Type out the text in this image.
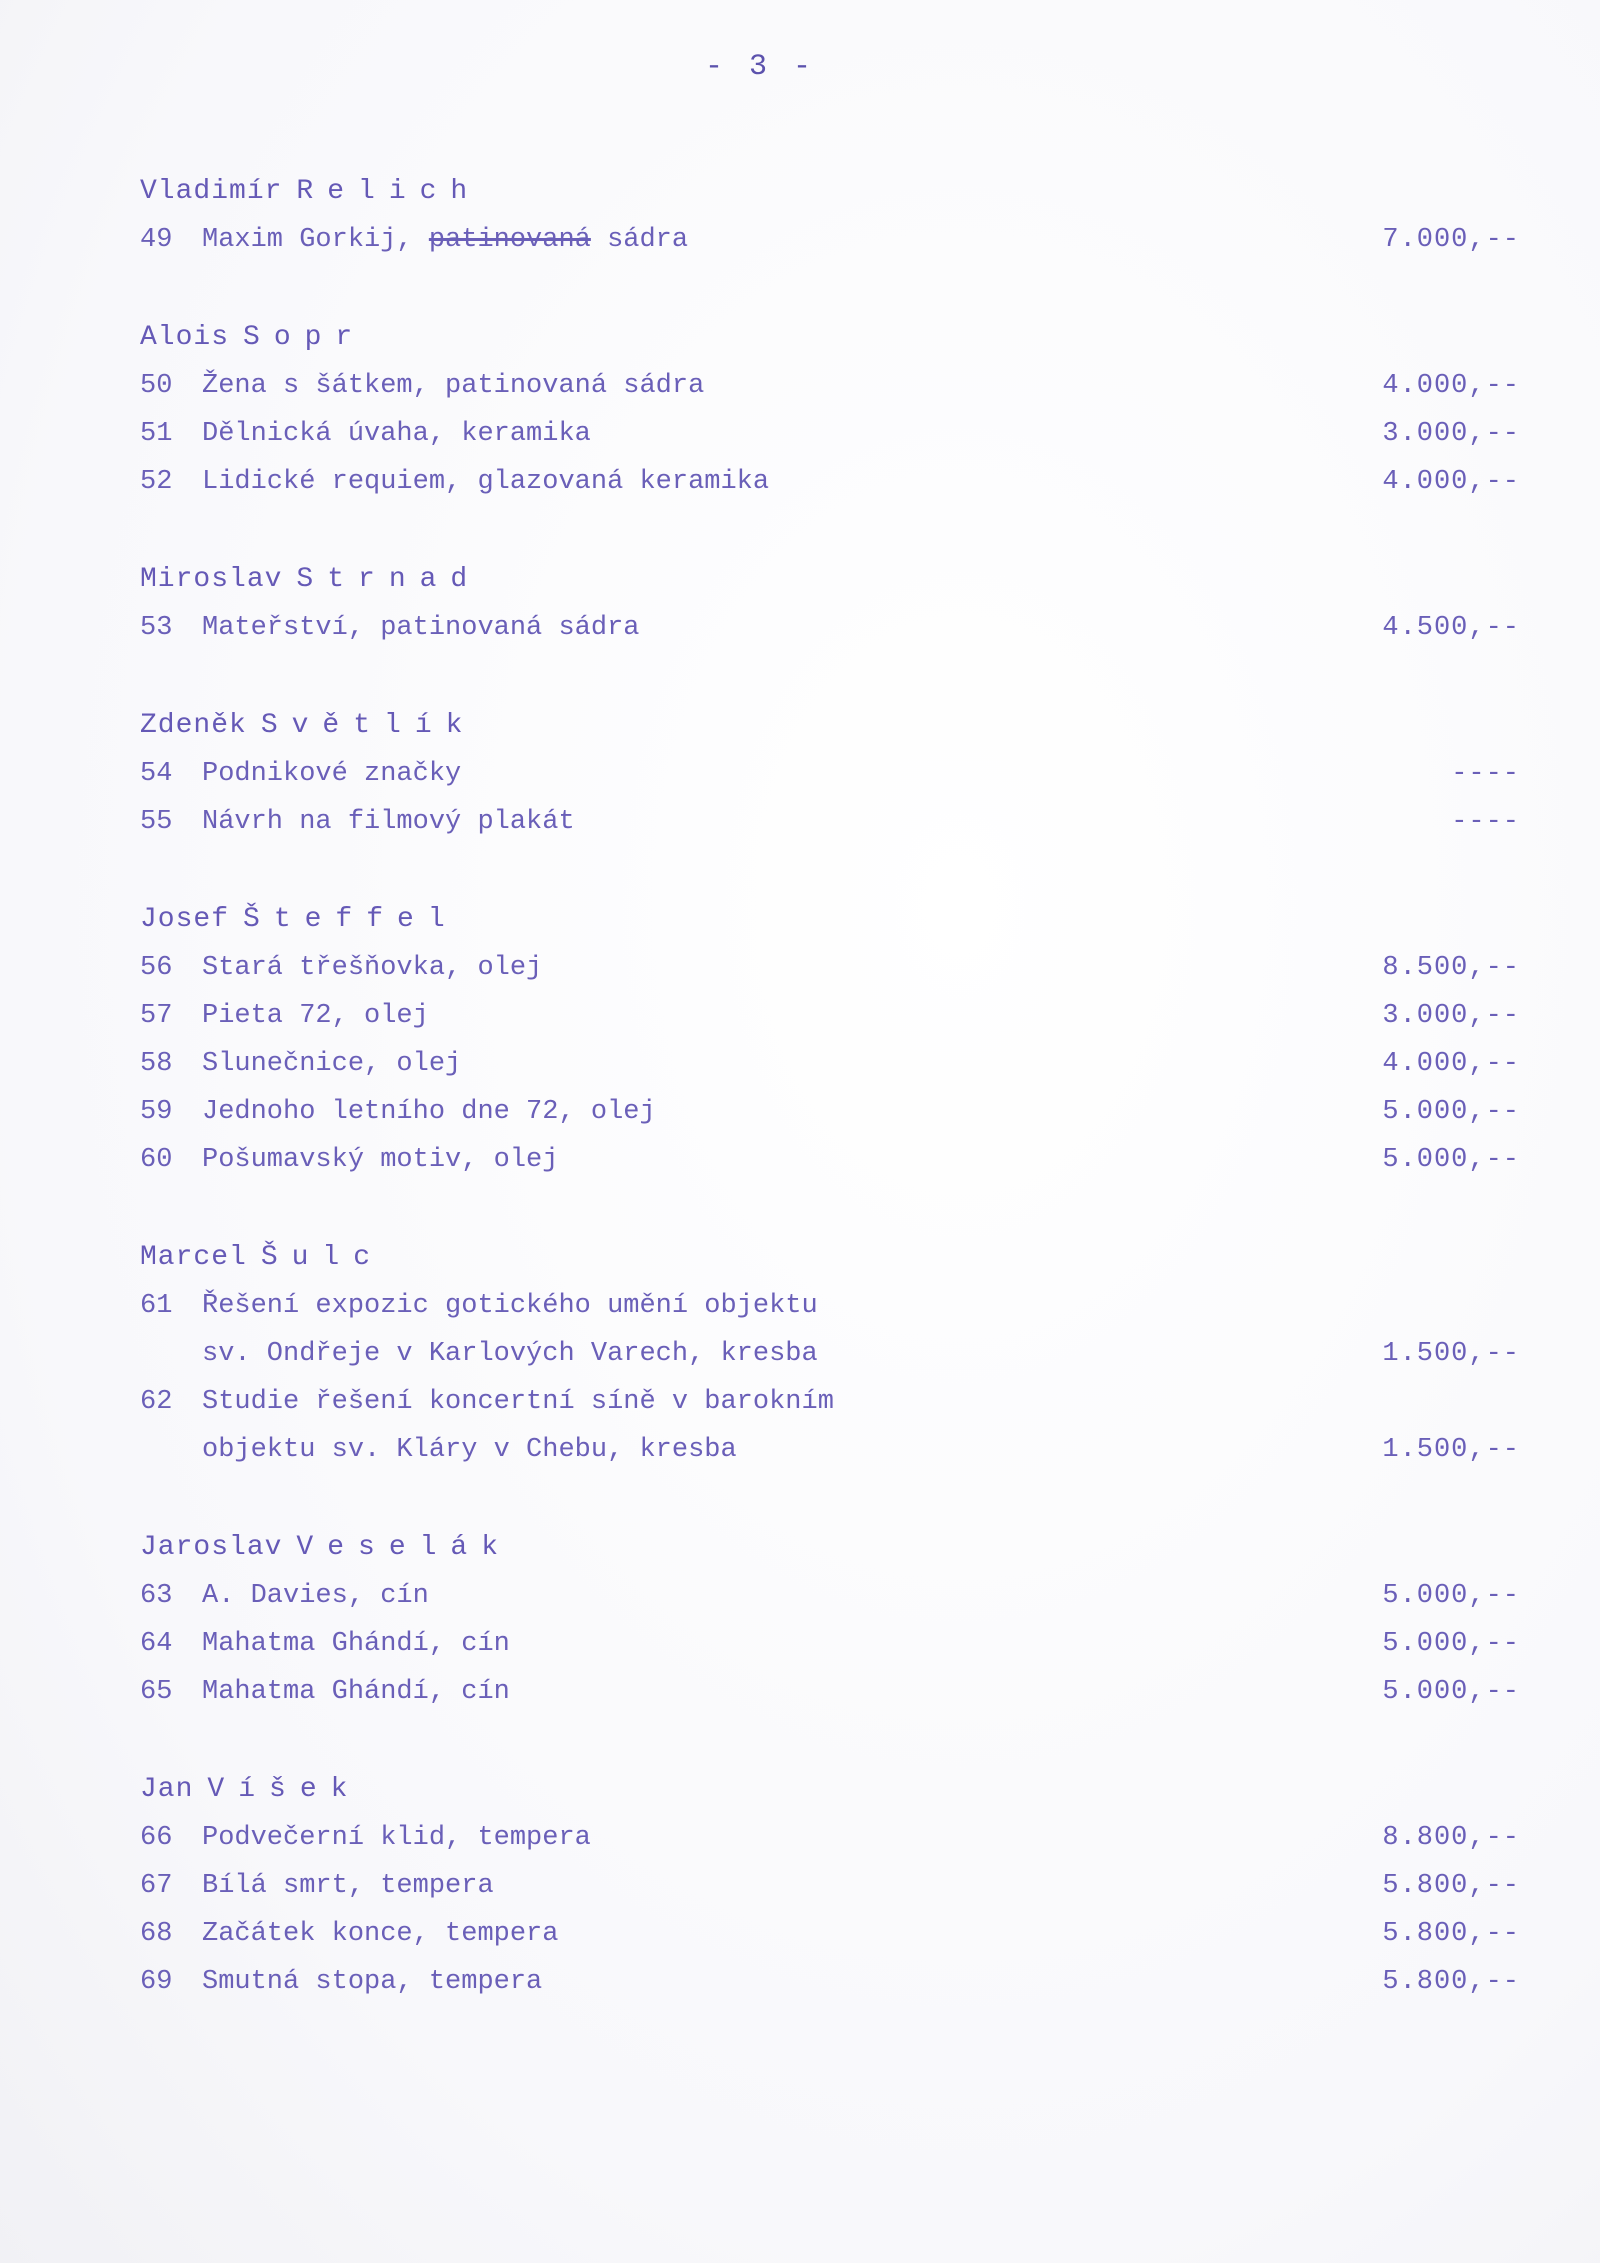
- 3 -
Vladimír Relich
49	Maxim Gorkij, patinovaná sádra	7.000,--
Alois Sopr
50	Žena s šátkem, patinovaná sádra	4.000,--
51	Dělnická úvaha, keramika	3.000,--
52	Lidické requiem, glazovaná keramika	4.000,--
Miroslav Strnad
53	Mateřství, patinovaná sádra	4.500,--
Zdeněk Světlík
54	Podnikové značky	----
55	Návrh na filmový plakát	----
Josef Šteffel
56	Stará třešňovka, olej	8.500,--
57	Pieta 72, olej	3.000,--
58	Slunečnice, olej	4.000,--
59	Jednoho letního dne 72, olej	5.000,--
60	Pošumavský motiv, olej	5.000,--
Marcel Šulc
61	Řešení expozic gotického umění objektu
sv. Ondřeje v Karlových Varech, kresba	1.500,--
62	Studie řešení koncertní síně v barokním
objektu sv. Kláry v Chebu, kresba	1.500,--
Jaroslav Veselák
63	A. Davies, cín	5.000,--
64	Mahatma Ghándí, cín	5.000,--
65	Mahatma Ghándí, cín	5.000,--
Jan Víšek
66	Podvečerní klid, tempera	8.800,--
67	Bílá smrt, tempera	5.800,--
68	Začátek konce, tempera	5.800,--
69	Smutná stopa, tempera	5.800,--
